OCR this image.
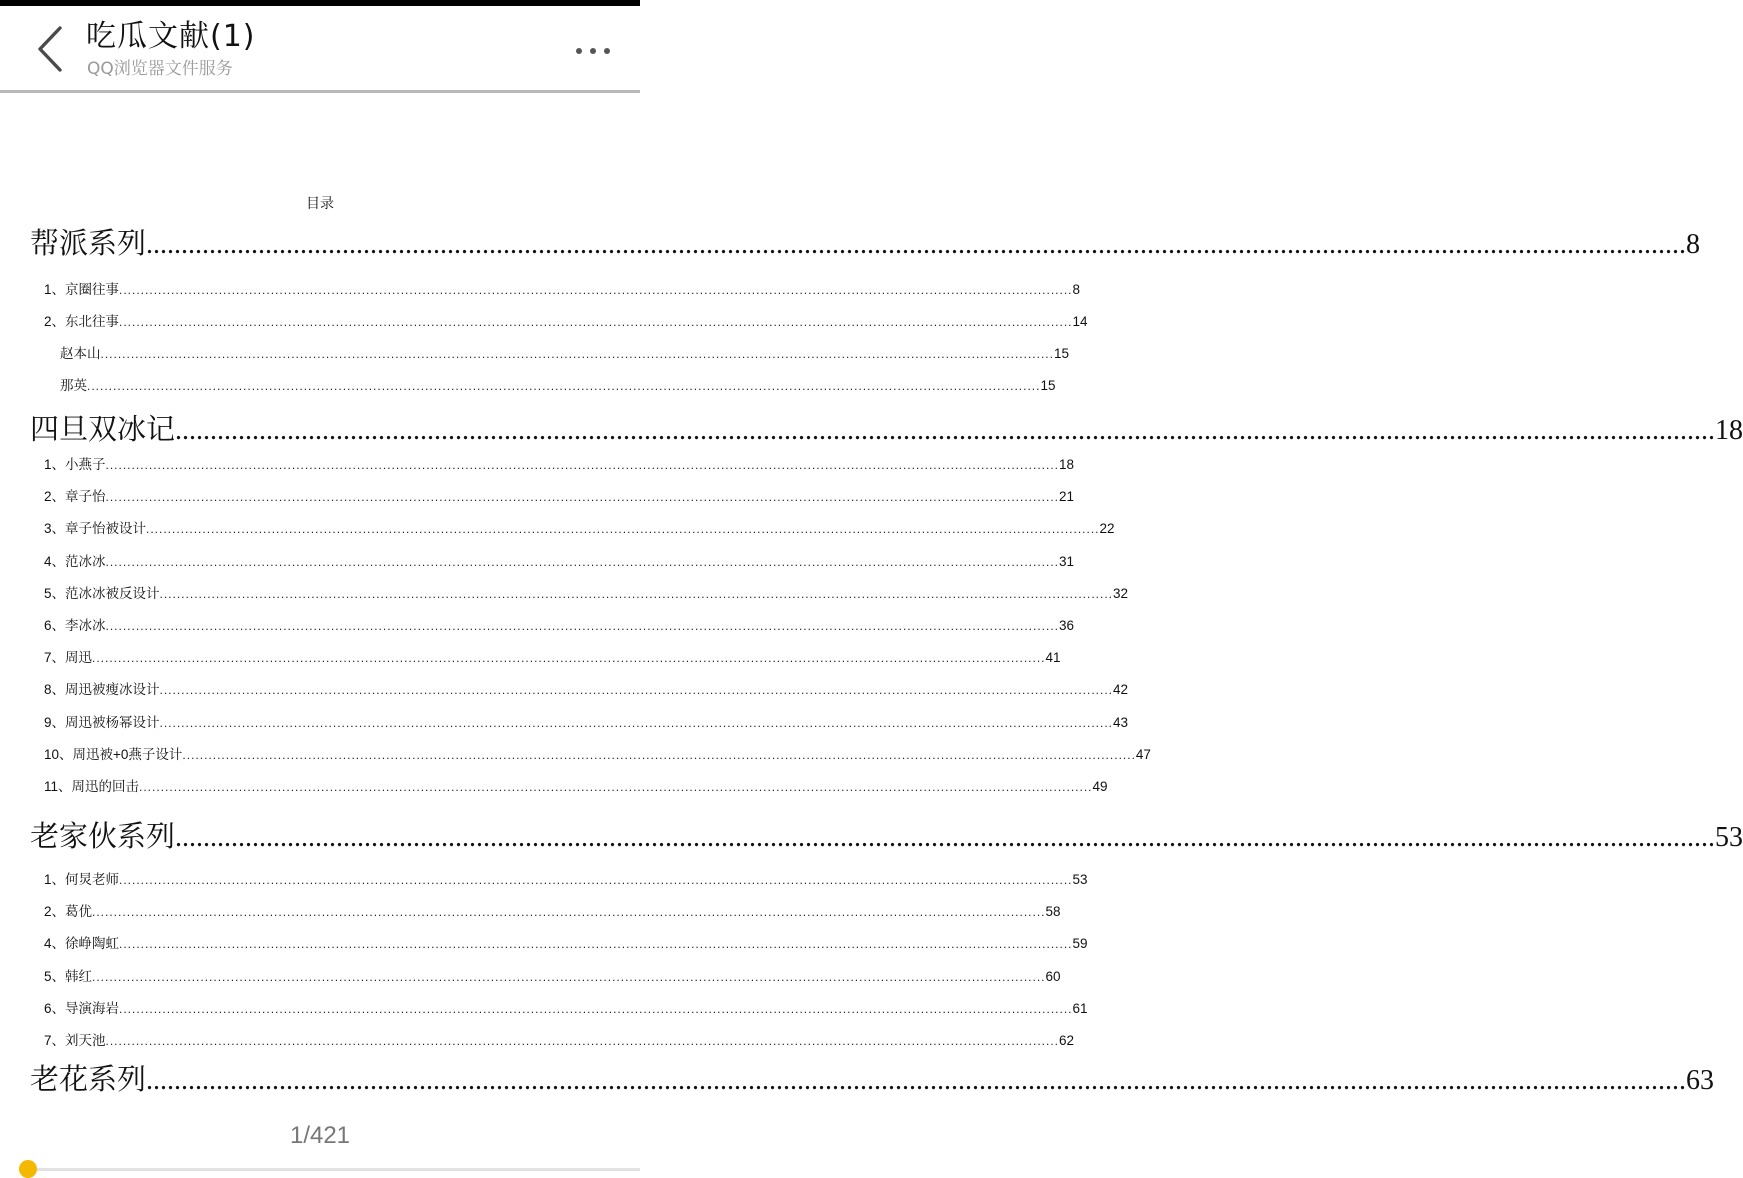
吃瓜文献(1)
QQ浏览器文件服务
目录
帮派系列 ............................................................................................................................................................................................................................ 8
1、京圈往事 ............................................................................................................................................................................................................................ 8
2、东北往事 ............................................................................................................................................................................................................................ 14
赵本山 ............................................................................................................................................................................................................................ 15
那英 ............................................................................................................................................................................................................................ 15
四旦双冰记 ............................................................................................................................................................................................................................ 18
1、小燕子 ............................................................................................................................................................................................................................ 18
2、章子怡 ............................................................................................................................................................................................................................ 21
3、章子怡被设计 ............................................................................................................................................................................................................................ 22
4、范冰冰 ............................................................................................................................................................................................................................ 31
5、范冰冰被反设计 ............................................................................................................................................................................................................................ 32
6、李冰冰 ............................................................................................................................................................................................................................ 36
7、周迅 ............................................................................................................................................................................................................................ 41
8、周迅被瘦冰设计 ............................................................................................................................................................................................................................ 42
9、周迅被杨幂设计 ............................................................................................................................................................................................................................ 43
10、周迅被+0燕子设计 ............................................................................................................................................................................................................................ 47
11、周迅的回击 ............................................................................................................................................................................................................................ 49
老家伙系列 ............................................................................................................................................................................................................................ 53
1、何炅老师 ............................................................................................................................................................................................................................ 53
2、葛优 ............................................................................................................................................................................................................................ 58
4、徐峥陶虹 ............................................................................................................................................................................................................................ 59
5、韩红 ............................................................................................................................................................................................................................ 60
6、导演海岩 ............................................................................................................................................................................................................................ 61
7、刘天池 ............................................................................................................................................................................................................................ 62
老花系列 ............................................................................................................................................................................................................................ 63
1/421
